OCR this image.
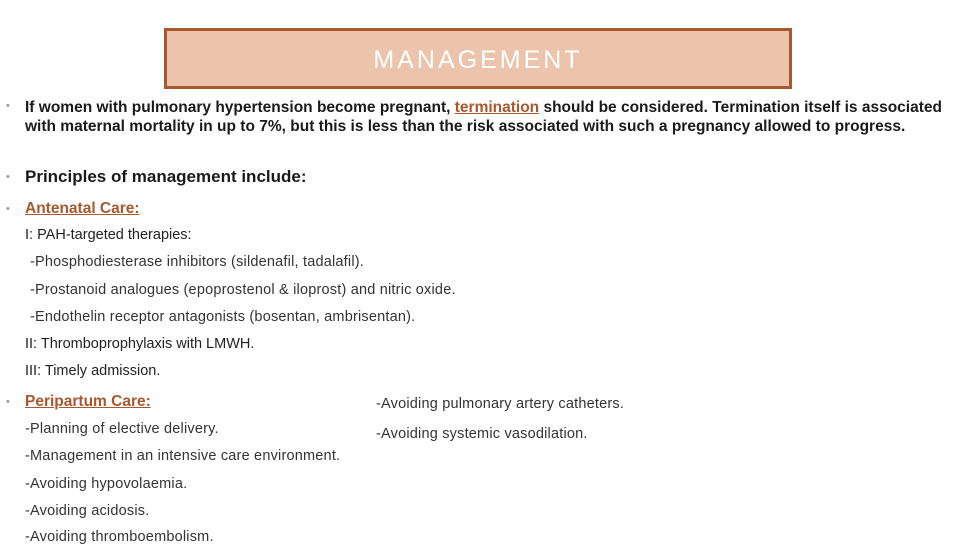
MANAGEMENT
• If women with pulmonary hypertension become pregnant, termination should be considered. Termination itself is associated with maternal mortality in up to 7%, but this is less than the risk associated with such a pregnancy allowed to progress.
• Principles of management include:
• Antenatal Care:
I: PAH-targeted therapies:
-Phosphodiesterase inhibitors (sildenafil, tadalafil).
-Prostanoid analogues (epoprostenol & iloprost) and nitric oxide.
-Endothelin receptor antagonists (bosentan, ambrisentan).
II: Thromboprophylaxis with LMWH.
III: Timely admission.
• Peripartum Care:	-Avoiding pulmonary artery catheters.
-Avoiding systemic vasodilation.
-Planning of elective delivery.
-Management in an intensive care environment.
-Avoiding hypovolaemia.
-Avoiding acidosis.
-Avoiding thromboembolism.
